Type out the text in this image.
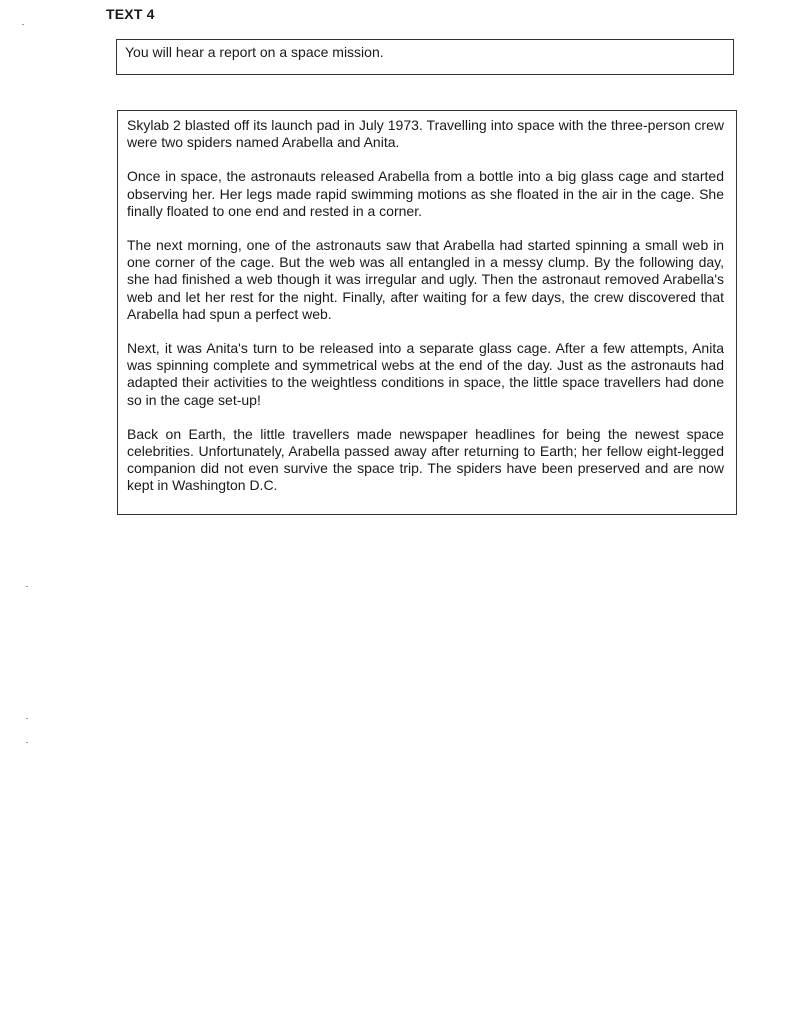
TEXT 4
You will hear a report on a space mission.

Skylab 2 blasted off its launch pad in July 1973. Travelling into space with the three-person crew were two spiders named Arabella and Anita.

Once in space, the astronauts released Arabella from a bottle into a big glass cage and started observing her. Her legs made rapid swimming motions as she floated in the air in the cage. She finally floated to one end and rested in a corner.

The next morning, one of the astronauts saw that Arabella had started spinning a small web in one corner of the cage. But the web was all entangled in a messy clump. By the following day, she had finished a web though it was irregular and ugly. Then the astronaut removed Arabella's web and let her rest for the night. Finally, after waiting for a few days, the crew discovered that Arabella had spun a perfect web.

Next, it was Anita's turn to be released into a separate glass cage. After a few attempts, Anita was spinning complete and symmetrical webs at the end of the day. Just as the astronauts had adapted their activities to the weightless conditions in space, the little space travellers had done so in the cage set-up!

Back on Earth, the little travellers made newspaper headlines for being the newest space celebrities. Unfortunately, Arabella passed away after returning to Earth; her fellow eight-legged companion did not even survive the space trip. The spiders have been preserved and are now kept in Washington D.C.
